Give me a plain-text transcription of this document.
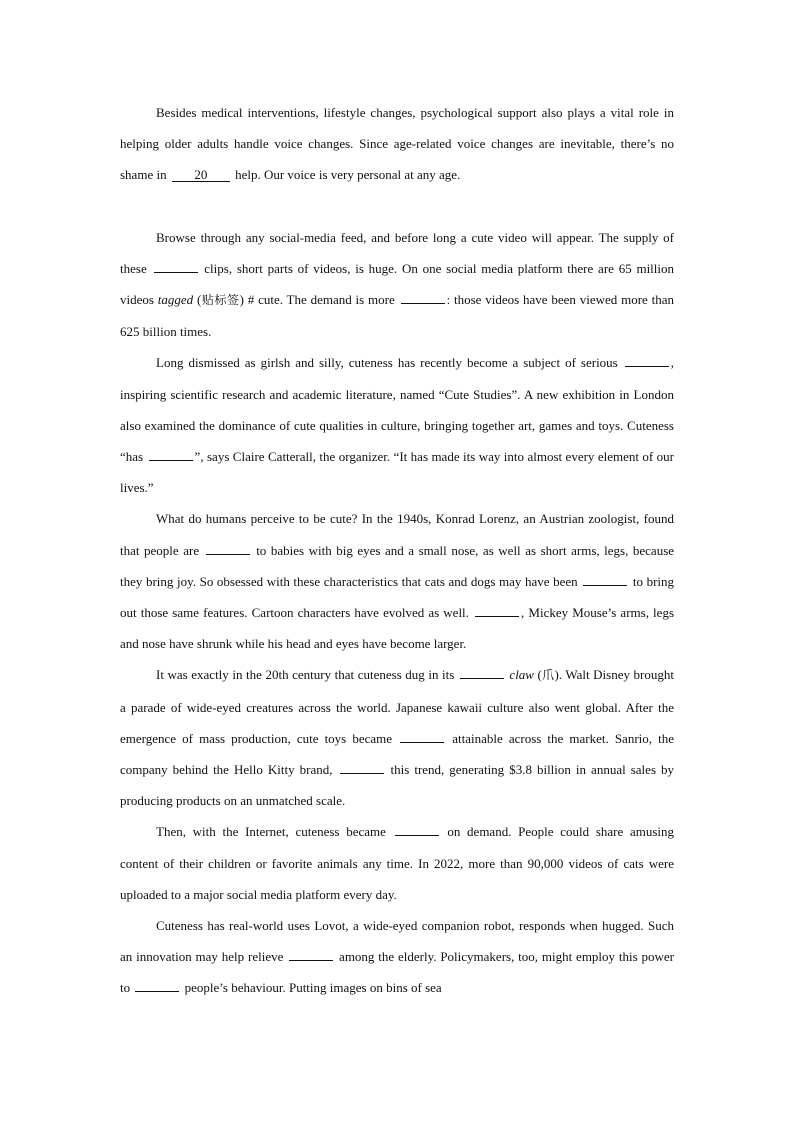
Besides medical interventions, lifestyle changes, psychological support also plays a vital role in helping older adults handle voice changes. Since age-related voice changes are inevitable, there’s no shame in 20 help. Our voice is very personal at any age.

Browse through any social-media feed, and before long a cute video will appear. The supply of these	clips, short parts of videos, is huge. On one social media platform there are 65 million videos tagged (贴标签) # cute. The demand is more	: those videos have been viewed more than 625 billion times.

Long dismissed as girlsh and silly, cuteness has recently become a subject of serious	, inspiring scientific research and academic literature, named “Cute Studies”. A new exhibition in London also examined the dominance of cute qualities in culture, bringing together art, games and toys. Cuteness “has	”, says Claire Catterall, the organizer. “It has made its way into almost every element of our lives.”

What do humans perceive to be cute? In the 1940s, Konrad Lorenz, an Austrian zoologist, found that people are	to babies with big eyes and a small nose, as well as short arms, legs, because they bring joy. So obsessed with these characteristics that cats and dogs may have been	to bring out those same features. Cartoon characters have evolved as well.	, Mickey Mouse’s arms, legs and nose have shrunk while his head and eyes have become larger.

It was exactly in the 20th century that cuteness dug in its	claw (爪). Walt Disney brought a parade of wide-eyed creatures across the world. Japanese kawaii culture also went global. After the emergence of mass production, cute toys became	attainable across the market. Sanrio, the company behind the Hello Kitty brand,	this trend, generating $3.8 billion in annual sales by producing products on an unmatched scale.

Then, with the Internet, cuteness became	on demand. People could share amusing content of their children or favorite animals any time. In 2022, more than 90,000 videos of cats were uploaded to a major social media platform every day.

Cuteness has real-world uses Lovot, a wide-eyed companion robot, responds when hugged. Such an innovation may help relieve	among the elderly. Policymakers, too, might employ this power to	people’s behaviour. Putting images on bins of sea
